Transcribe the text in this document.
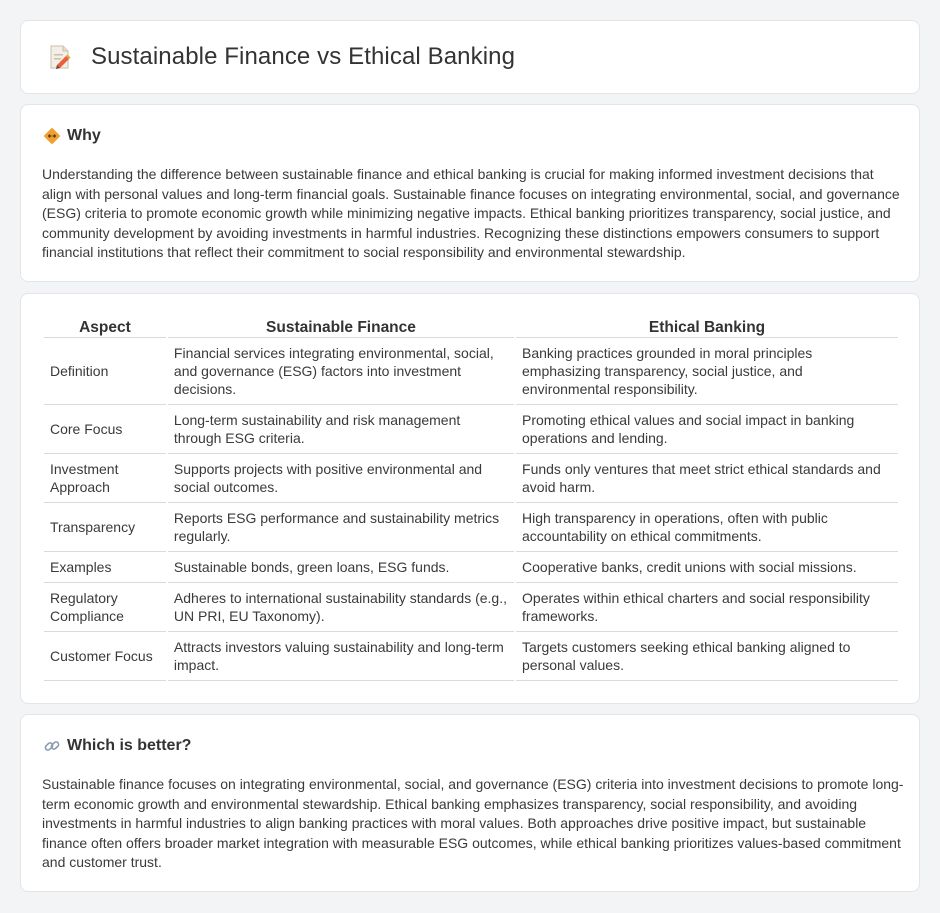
Sustainable Finance vs Ethical Banking
Why

Understanding the difference between sustainable finance and ethical banking is crucial for making informed investment decisions that align with personal values and long-term financial goals. Sustainable finance focuses on integrating environmental, social, and governance (ESG) criteria to promote economic growth while minimizing negative impacts. Ethical banking prioritizes transparency, social justice, and community development by avoiding investments in harmful industries. Recognizing these distinctions empowers consumers to support financial institutions that reflect their commitment to social responsibility and environmental stewardship.

Aspect	Sustainable Finance	Ethical Banking
Definition	Financial services integrating environmental, social, and governance (ESG) factors into investment decisions.	Banking practices grounded in moral principles emphasizing transparency, social justice, and environmental responsibility.
Core Focus	Long-term sustainability and risk management through ESG criteria.	Promoting ethical values and social impact in banking operations and lending.
Investment Approach	Supports projects with positive environmental and social outcomes.	Funds only ventures that meet strict ethical standards and avoid harm.
Transparency	Reports ESG performance and sustainability metrics regularly.	High transparency in operations, often with public accountability on ethical commitments.
Examples	Sustainable bonds, green loans, ESG funds.	Cooperative banks, credit unions with social missions.
Regulatory Compliance	Adheres to international sustainability standards (e.g., UN PRI, EU Taxonomy).	Operates within ethical charters and social responsibility frameworks.
Customer Focus	Attracts investors valuing sustainability and long-term impact.	Targets customers seeking ethical banking aligned to personal values.
Which is better?

Sustainable finance focuses on integrating environmental, social, and governance (ESG) criteria into investment decisions to promote long-term economic growth and environmental stewardship. Ethical banking emphasizes transparency, social responsibility, and avoiding investments in harmful industries to align banking practices with moral values. Both approaches drive positive impact, but sustainable finance often offers broader market integration with measurable ESG outcomes, while ethical banking prioritizes values-based commitment and customer trust.
